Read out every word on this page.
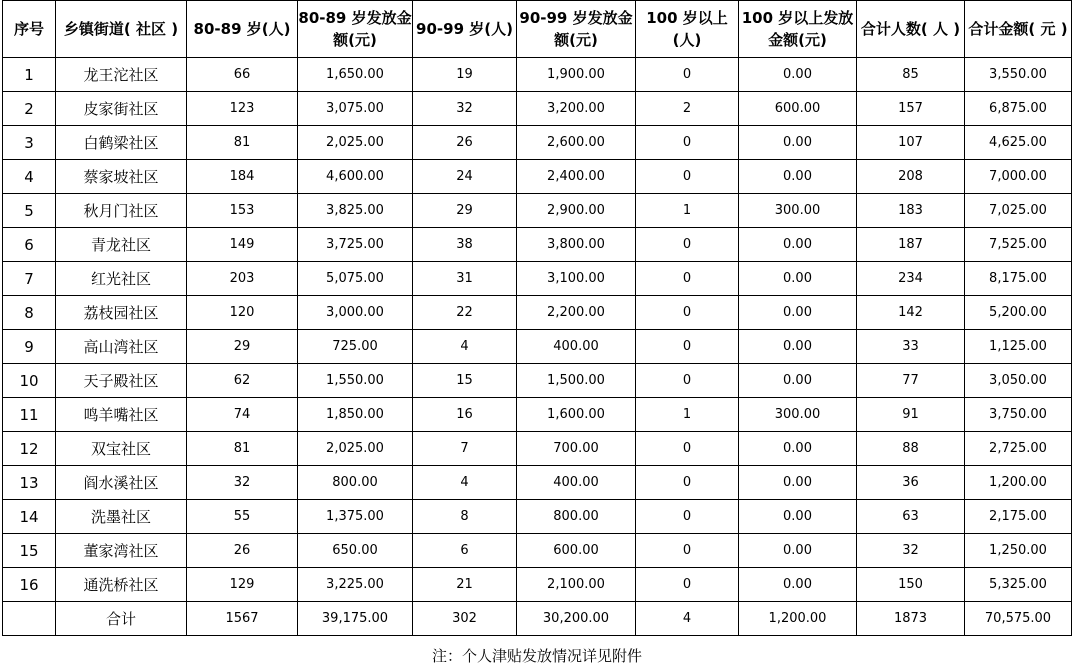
序号	乡镇街道( 社区 )	80-89 岁(人)	80-89 岁发放金额(元)	90-99 岁(人)	90-99 岁发放金额(元)	100 岁以上(人)	100 岁以上发放金额(元)	合计人数( 人 )	合计金额( 元 )
1	龙王沱社区	66	1,650.00	19	1,900.00	0	0.00	85	3,550.00
2	皮家街社区	123	3,075.00	32	3,200.00	2	600.00	157	6,875.00
3	白鹤梁社区	81	2,025.00	26	2,600.00	0	0.00	107	4,625.00
4	蔡家坡社区	184	4,600.00	24	2,400.00	0	0.00	208	7,000.00
5	秋月门社区	153	3,825.00	29	2,900.00	1	300.00	183	7,025.00
6	青龙社区	149	3,725.00	38	3,800.00	0	0.00	187	7,525.00
7	红光社区	203	5,075.00	31	3,100.00	0	0.00	234	8,175.00
8	荔枝园社区	120	3,000.00	22	2,200.00	0	0.00	142	5,200.00
9	高山湾社区	29	725.00	4	400.00	0	0.00	33	1,125.00
10	天子殿社区	62	1,550.00	15	1,500.00	0	0.00	77	3,050.00
11	鸣羊嘴社区	74	1,850.00	16	1,600.00	1	300.00	91	3,750.00
12	双宝社区	81	2,025.00	7	700.00	0	0.00	88	2,725.00
13	阎水溪社区	32	800.00	4	400.00	0	0.00	36	1,200.00
14	洗墨社区	55	1,375.00	8	800.00	0	0.00	63	2,175.00
15	董家湾社区	26	650.00	6	600.00	0	0.00	32	1,250.00
16	通洗桥社区	129	3,225.00	21	2,100.00	0	0.00	150	5,325.00
	合计	1567	39,175.00	302	30,200.00	4	1,200.00	1873	70,575.00
注：个人津贴发放情况详见附件
